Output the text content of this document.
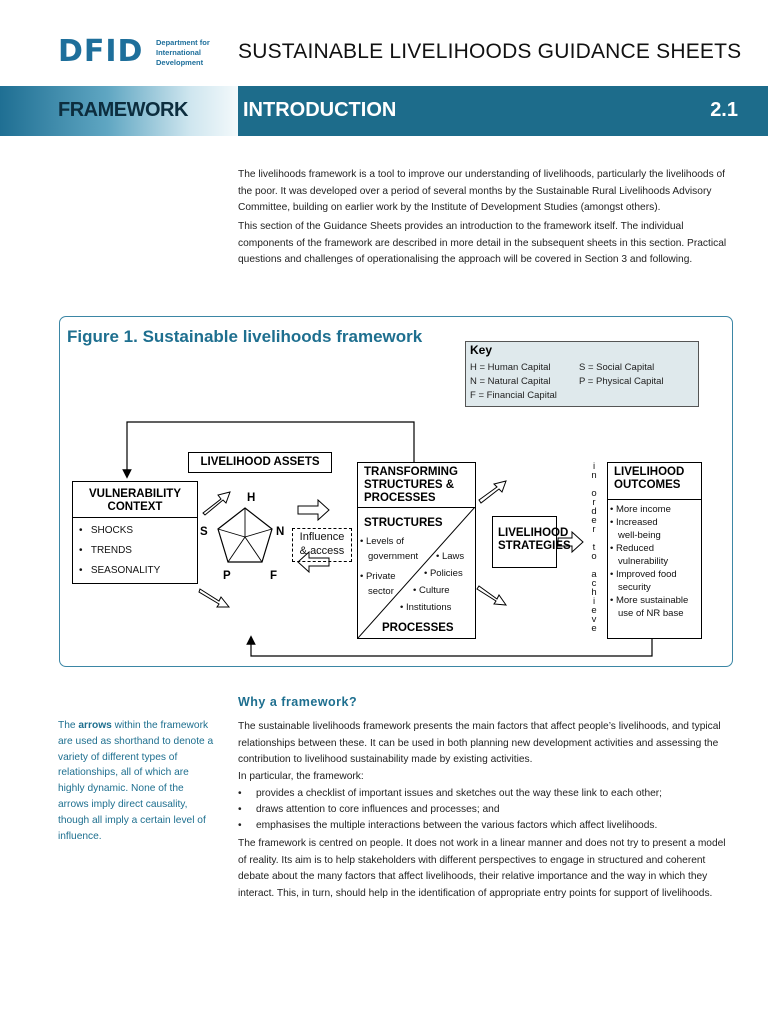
DFID Department for
International
Development	SUSTAINABLE LIVELIHOODS GUIDANCE SHEETS
FRAMEWORK	INTRODUCTION	2.1

The livelihoods framework is a tool to improve our understanding of livelihoods, particularly the livelihoods of the poor. It was developed over a period of several months by the Sustainable Rural Livelihoods Advisory Committee, building on earlier work by the Institute of Development Studies (amongst others).

This section of the Guidance Sheets provides an introduction to the framework itself. The individual components of the framework are described in more detail in the subsequent sheets in this section. Practical questions and challenges of operationalising the approach will be covered in Section 3 and following.

Figure 1. Sustainable livelihoods framework
Key
H = Human Capital	S = Social Capital
N = Natural Capital	P = Physical Capital
F = Financial Capital
VULNERABILITY
CONTEXT
•   SHOCKS
•   TRENDS
•   SEASONALITY
LIVELIHOOD ASSETS
H
S	N
P	F
Influence
& access
TRANSFORMING
STRUCTURES &
PROCESSES
STRUCTURES
• Levels of
government • Laws
• Policies
• Private
sector • Culture
• Institutions
PROCESSES
LIVELIHOOD
STRATEGIES
i
n
o
r
d
e
r
t
o
a
c
h
i
e
v
e
LIVELIHOOD
OUTCOMES
• More income
• Increased
well-being
• Reduced
vulnerability
• Improved food
security
• More sustainable
use of NR base
Why a framework?

The arrows within the framework are used as shorthand to denote a variety of different types of relationships, all of which are highly dynamic. None of the arrows imply direct causality, though all imply a certain level of influence.

The sustainable livelihoods framework presents the main factors that affect people’s livelihoods, and typical relationships between these. It can be used in both planning new development activities and assessing the contribution to livelihood sustainability made by existing activities.

In particular, the framework:

• provides a checklist of important issues and sketches out the way these link to each other;
• draws attention to core influences and processes; and
• emphasises the multiple interactions between the various factors which affect livelihoods.

The framework is centred on people. It does not work in a linear manner and does not try to present a model of reality. Its aim is to help stakeholders with different perspectives to engage in structured and coherent debate about the many factors that affect livelihoods, their relative importance and the way in which they interact. This, in turn, should help in the identification of appropriate entry points for support of livelihoods.
